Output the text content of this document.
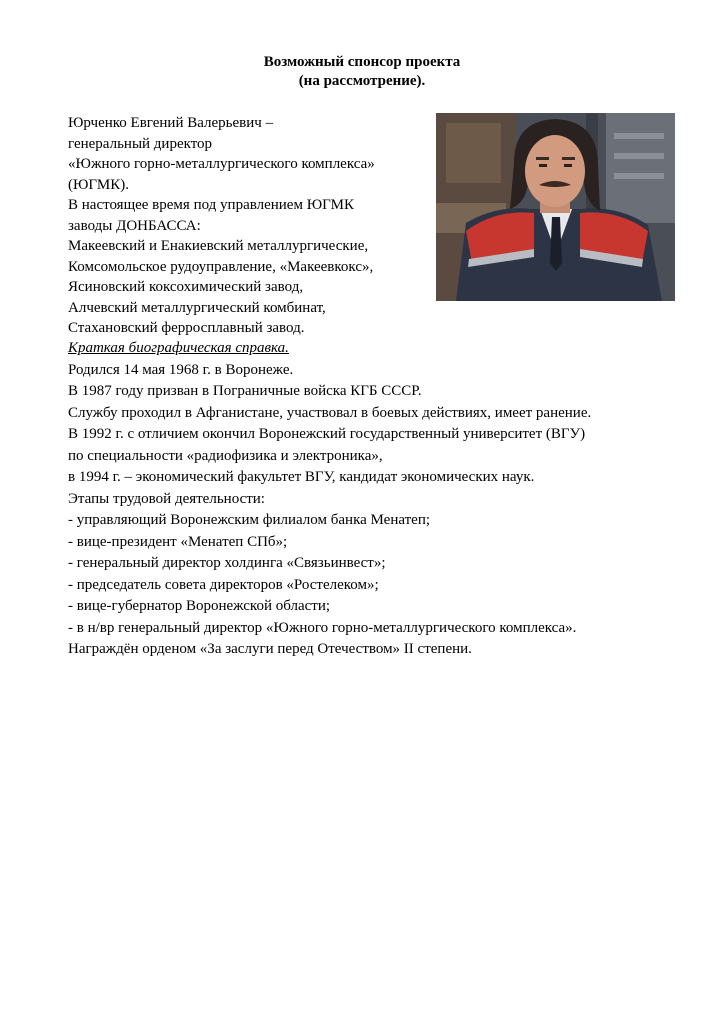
Возможный спонсор проекта
(на рассмотрение).
Юрченко Евгений Валерьевич –
генеральный директор
«Южного горно-металлургического комплекса»
(ЮГМК).
В настоящее время под управлением ЮГМК
заводы ДОНБАССА:
Макеевский и Енакиевский металлургические,
Комсомольское рудоуправление, «Макеевкокс»,
Ясиновский коксохимический завод,
Алчевский металлургический комбинат,
Стахановский ферросплавный завод.
Краткая биографическая справка.
Родился 14 мая 1968 г. в Воронеже.
В 1987 году призван в Пограничные войска КГБ СССР.
Службу проходил в Афганистане, участвовал в боевых действиях, имеет ранение.
В 1992 г. с отличием окончил Воронежский государственный университет (ВГУ)
по специальности «радиофизика и электроника»,
в 1994 г. – экономический факультет ВГУ, кандидат экономических наук.
Этапы трудовой деятельности:
- управляющий Воронежским филиалом банка Менатеп;
- вице-президент «Менатеп СПб»;
- генеральный директор холдинга «Связьинвест»;
- председатель совета директоров «Ростелеком»;
- вице-губернатор Воронежской области;
- в н/вр генеральный директор «Южного горно-металлургического комплекса».
Награждён орденом «За заслуги перед Отечеством» II степени.
